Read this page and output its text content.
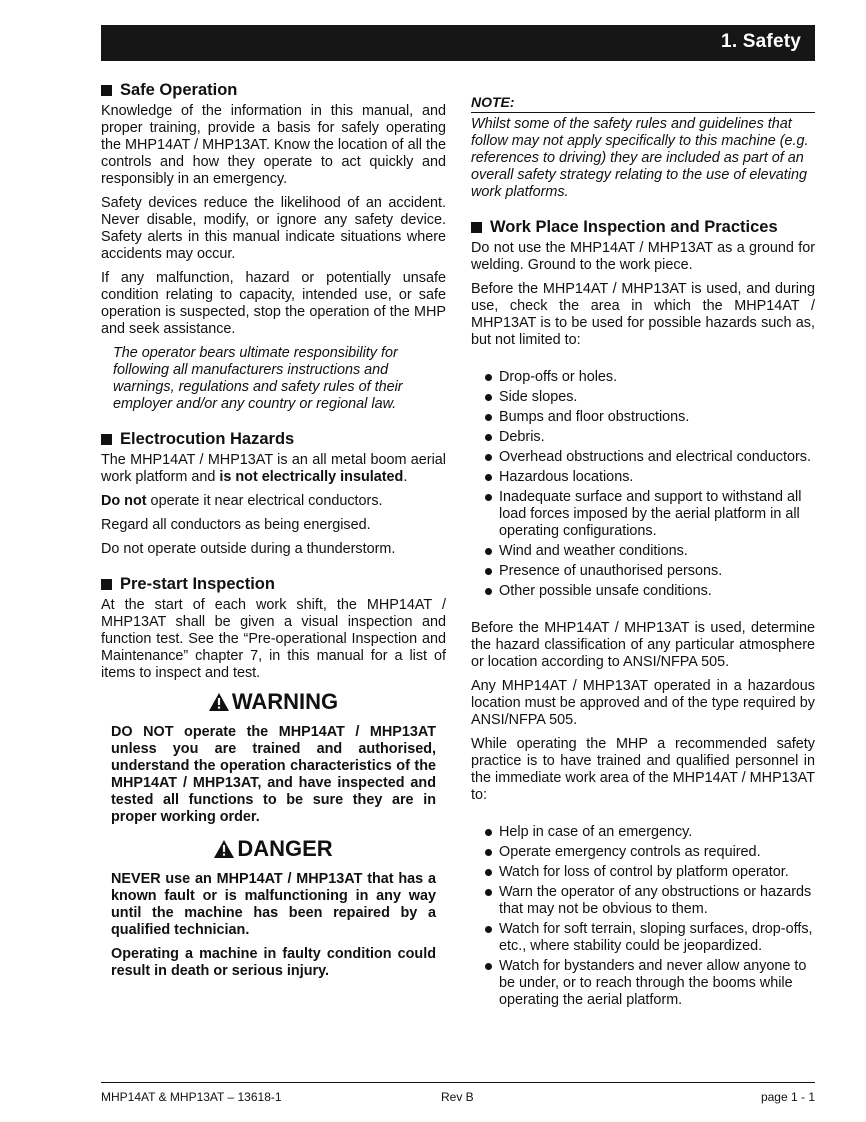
1. Safety
Safe Operation

Knowledge of the information in this manual, and proper training, provide a basis for safely operating the MHP14AT / MHP13AT. Know the location of all the controls and how they operate to act quickly and responsibly in an emergency.

Safety devices reduce the likelihood of an accident. Never disable, modify, or ignore any safety device. Safety alerts in this manual indicate situations where accidents may occur.

If any malfunction, hazard or potentially unsafe condition relating to capacity, intended use, or safe operation is suspected, stop the operation of the MHP and seek assistance.

The operator bears ultimate responsibility for following all manufacturers instructions and warnings, regulations and safety rules of their employer and/or any country or regional law.

Electrocution Hazards

The MHP14AT / MHP13AT is an all metal boom aerial work platform and is not electrically insulated.

Do not operate it near electrical conductors.

Regard all conductors as being energised.

Do not operate outside during a thunderstorm.

Pre-start Inspection

At the start of each work shift, the MHP14AT / MHP13AT shall be given a visual inspection and function test. See the “Pre-operational Inspection and Maintenance” chapter 7, in this manual for a list of items to inspect and test.

WARNING

DO NOT operate the MHP14AT / MHP13AT unless you are trained and authorised, understand the operation characteristics of the MHP14AT / MHP13AT, and have inspected and tested all functions to be sure they are in proper working order.

DANGER

NEVER use an MHP14AT / MHP13AT that has a known fault or is malfunctioning in any way until the machine has been repaired by a qualified technician.

Operating a machine in faulty condition could result in death or serious injury.

NOTE:

Whilst some of the safety rules and guidelines that follow may not apply specifically to this machine (e.g. references to driving) they are included as part of an overall safety strategy relating to the use of elevating work platforms.

Work Place Inspection and Practices

Do not use the MHP14AT / MHP13AT as a ground for welding. Ground to the work piece.

Before the MHP14AT / MHP13AT is used, and during use, check the area in which the MHP14AT / MHP13AT is to be used for possible hazards such as, but not limited to:

Drop-offs or holes.
Side slopes.
Bumps and floor obstructions.
Debris.
Overhead obstructions and electrical conductors.
Hazardous locations.
Inadequate surface and support to withstand all load forces imposed by the aerial platform in all operating configurations.
Wind and weather conditions.
Presence of unauthorised persons.
Other possible unsafe conditions.

Before the MHP14AT / MHP13AT is used, determine the hazard classification of any particular atmosphere or location according to ANSI/NFPA 505.

Any MHP14AT / MHP13AT operated in a hazardous location must be approved and of the type required by ANSI/NFPA 505.

While operating the MHP a recommended safety practice is to have trained and qualified personnel in the immediate work area of the MHP14AT / MHP13AT to:

Help in case of an emergency.
Operate emergency controls as required.
Watch for loss of control by platform operator.
Warn the operator of any obstructions or hazards that may not be obvious to them.
Watch for soft terrain, sloping surfaces, drop-offs, etc., where stability could be jeopardized.
Watch for bystanders and never allow anyone to be under, or to reach through the booms while operating the aerial platform.
MHP14AT & MHP13AT – 13618-1	Rev B	page 1 - 1
